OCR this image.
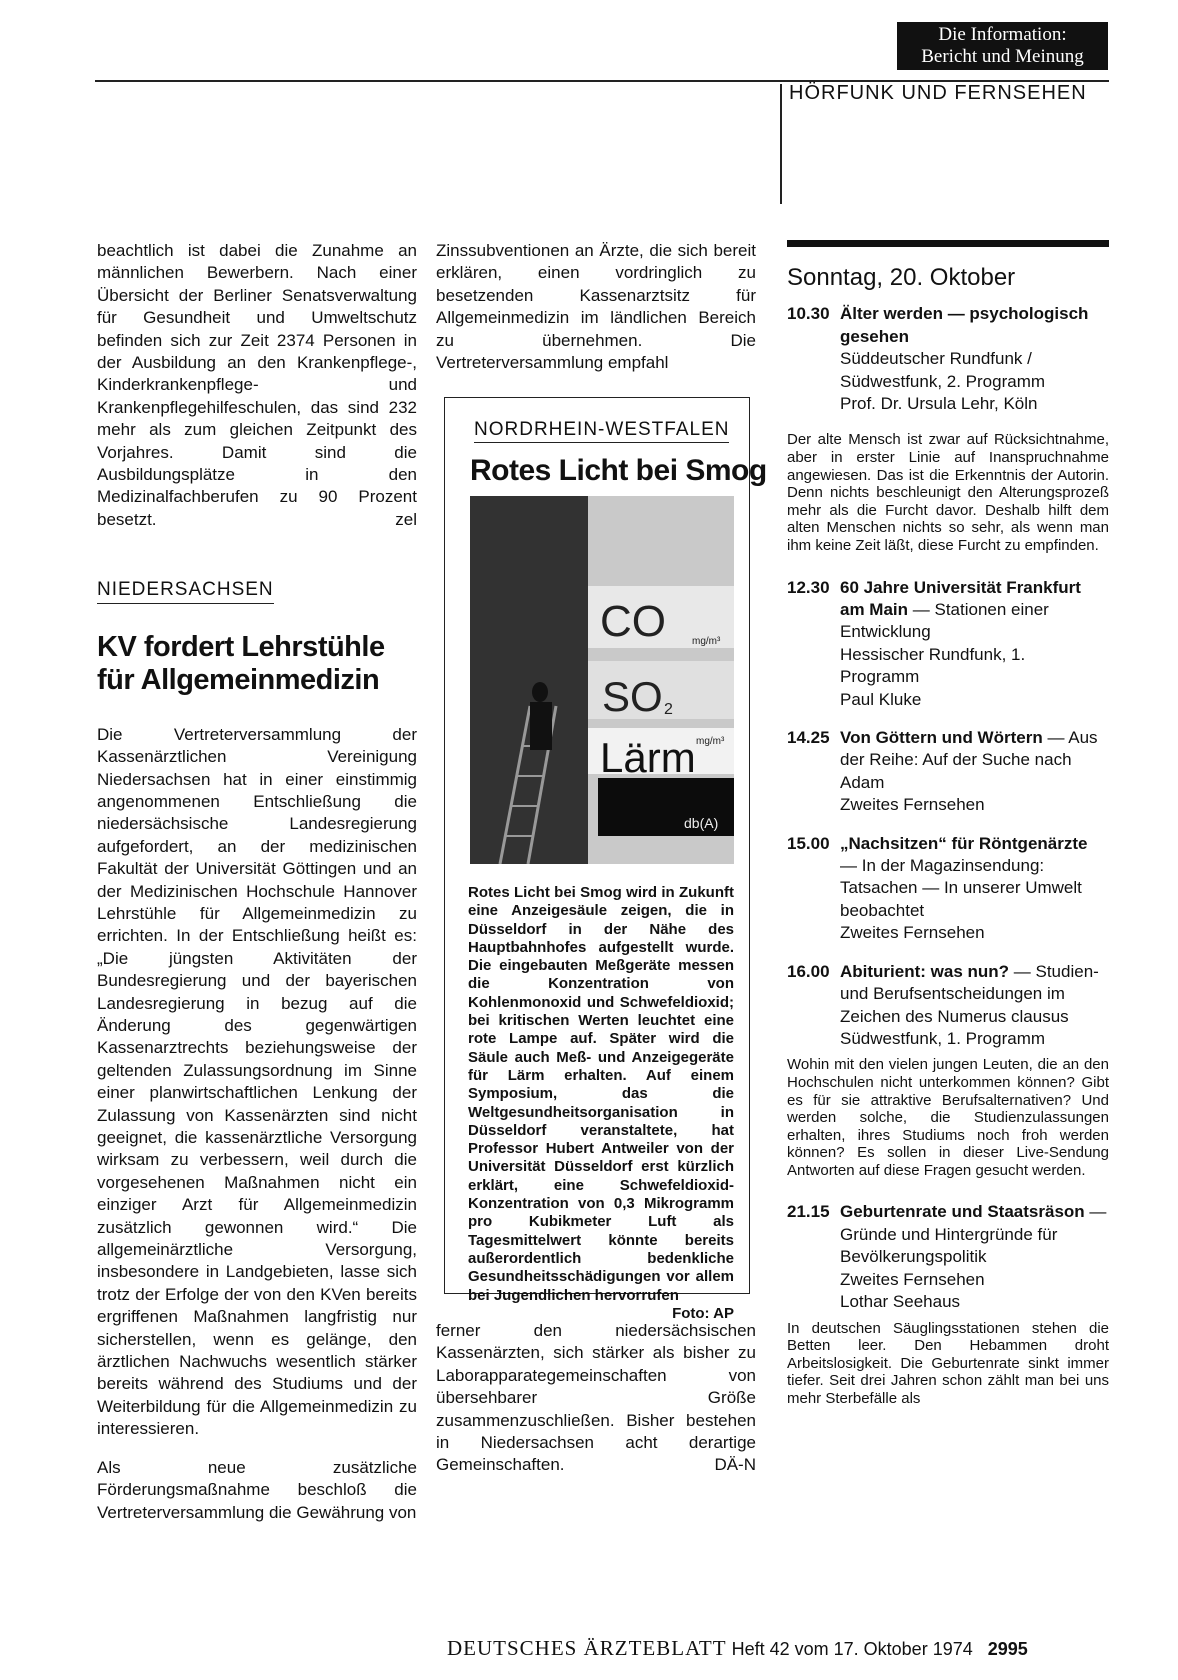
Die Information:
Bericht und Meinung
HÖRFUNK UND FERNSEHEN

beachtlich ist dabei die Zunahme an männlichen Bewerbern. Nach einer Übersicht der Berliner Senatsverwaltung für Gesundheit und Umweltschutz befinden sich zur Zeit 2374 Personen in der Ausbildung an den Krankenpflege-, Kinderkrankenpflege- und Krankenpflegehilfeschulen, das sind 232 mehr als zum gleichen Zeitpunkt des Vorjahres. Damit sind die Ausbildungsplätze in den Medizinalfachberufen zu 90 Prozent besetzt.	zel

NIEDERSACHSEN
KV fordert Lehrstühle für Allgemeinmedizin

Die Vertreterversammlung der Kassenärztlichen Vereinigung Niedersachsen hat in einer einstimmig angenommenen Entschließung die niedersächsische Landesregierung aufgefordert, an der medizinischen Fakultät der Universität Göttingen und an der Medizinischen Hochschule Hannover Lehrstühle für Allgemeinmedizin zu errichten. In der Entschließung heißt es: „Die jüngsten Aktivitäten der Bundesregierung und der bayerischen Landesregierung in bezug auf die Änderung des gegenwärtigen Kassenarztrechts beziehungsweise der geltenden Zulassungsordnung im Sinne einer planwirtschaftlichen Lenkung der Zulassung von Kassenärzten sind nicht geeignet, die kassenärztliche Versorgung wirksam zu verbessern, weil durch die vorgesehenen Maßnahmen nicht ein einziger Arzt für Allgemeinmedizin zusätzlich gewonnen wird.“ Die allgemeinärztliche Versorgung, insbesondere in Landgebieten, lasse sich trotz der Erfolge der von den KVen bereits ergriffenen Maßnahmen langfristig nur sicherstellen, wenn es gelänge, den ärztlichen Nachwuchs wesentlich stärker bereits während des Studiums und der Weiterbildung für die Allgemeinmedizin zu interessieren.

Als neue zusätzliche Förderungsmaßnahme beschloß die Vertreterversammlung die Gewährung von

Zinssubventionen an Ärzte, die sich bereit erklären, einen vordringlich zu besetzenden Kassenarztsitz für Allgemeinmedizin im ländlichen Bereich zu übernehmen. Die Vertreterversammlung empfahl

ferner den niedersächsischen Kassenärzten, sich stärker als bisher zu Laborapparategemeinschaften von übersehbarer Größe zusammenzuschließen. Bisher bestehen in Niedersachsen acht derartige Gemeinschaften.	DÄ-N

NORDRHEIN-WESTFALEN
Rotes Licht bei Smog
CO	mg/m³
SO 2
mg/m³
Lärm
db(A)
Rotes Licht bei Smog wird in Zukunft eine Anzeigesäule zeigen, die in Düsseldorf in der Nähe des Hauptbahnhofes aufgestellt wurde. Die eingebauten Meßgeräte messen die Konzentration von Kohlenmonoxid und Schwefeldioxid; bei kritischen Werten leuchtet eine rote Lampe auf. Später wird die Säule auch Meß- und Anzeigegeräte für Lärm erhalten. Auf einem Symposium, das die Weltgesundheitsorganisation in Düsseldorf veranstaltete, hat Professor Hubert Antweiler von der Universität Düsseldorf erst kürzlich erklärt, eine Schwefeldioxid-Konzentration von 0,3 Mikrogramm pro Kubikmeter Luft als Tagesmittelwert könnte bereits außerordentlich bedenkliche Gesundheitsschädigungen vor allem bei Jugendlichen hervorrufen
Foto: AP
Sonntag, 20. Oktober
10.30 Älter werden — psychologisch gesehen
Süddeutscher Rundfunk / Südwestfunk, 2. Programm
Prof. Dr. Ursula Lehr, Köln
Der alte Mensch ist zwar auf Rücksichtnahme, aber in erster Linie auf Inanspruchnahme angewiesen. Das ist die Erkenntnis der Autorin. Denn nichts beschleunigt den Alterungsprozeß mehr als die Furcht davor. Deshalb hilft dem alten Menschen nichts so sehr, als wenn man ihm keine Zeit läßt, diese Furcht zu empfinden.
12.30 60 Jahre Universität Frankfurt am Main — Stationen einer Entwicklung
Hessischer Rundfunk, 1. Programm
Paul Kluke
14.25 Von Göttern und Wörtern — Aus der Reihe: Auf der Suche nach Adam
Zweites Fernsehen
15.00 „Nachsitzen“ für Röntgenärzte — In der Magazinsendung: Tatsachen — In unserer Umwelt beobachtet
Zweites Fernsehen
16.00 Abiturient: was nun? — Studien- und Berufsentscheidungen im Zeichen des Numerus clausus
Südwestfunk, 1. Programm
Wohin mit den vielen jungen Leuten, die an den Hochschulen nicht unterkommen können? Gibt es für sie attraktive Berufsalternativen? Und werden solche, die Studienzulassungen erhalten, ihres Studiums noch froh werden können? Es sollen in dieser Live-Sendung Antworten auf diese Fragen gesucht werden.
21.15 Geburtenrate und Staatsräson — Gründe und Hintergründe für Bevölkerungspolitik
Zweites Fernsehen
Lothar Seehaus
In deutschen Säuglingsstationen stehen die Betten leer. Den Hebammen droht Arbeitslosigkeit. Die Geburtenrate sinkt immer tiefer. Seit drei Jahren schon zählt man bei uns mehr Sterbefälle als
DEUTSCHES ÄRZTEBLATT Heft 42 vom 17. Oktober 1974 2995
